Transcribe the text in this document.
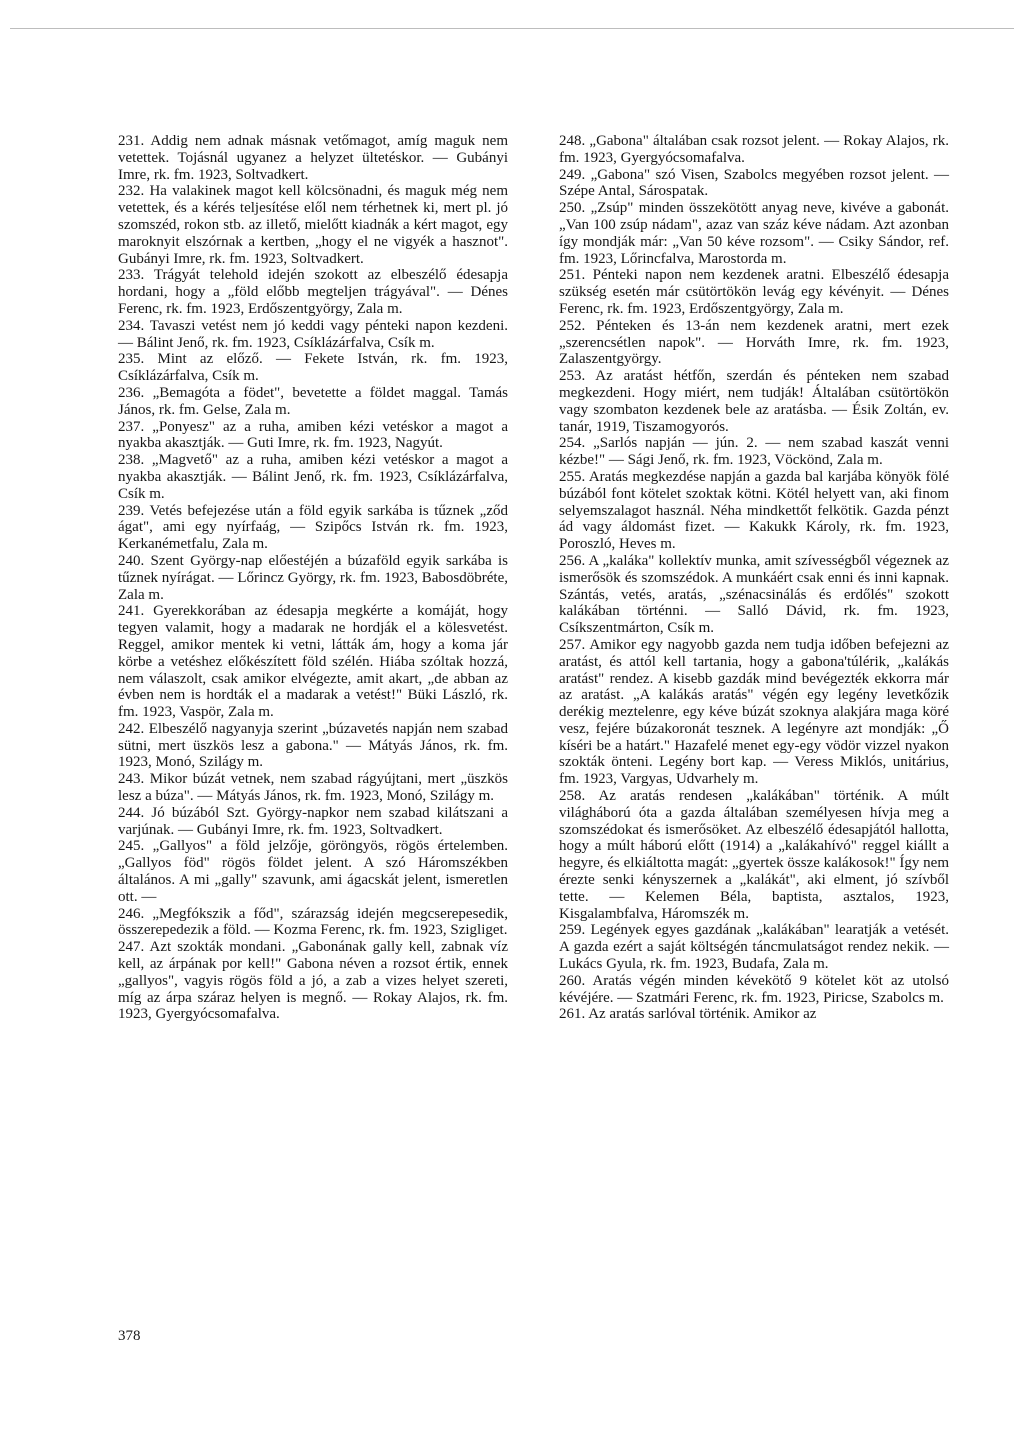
231. Addig nem adnak másnak vetőmagot, amíg maguk nem vetettek. Tojásnál ugyanez a helyzet ültetéskor. — Gubányi Imre, rk. fm. 1923, Soltvadkert.

232. Ha valakinek magot kell kölcsönadni, és maguk még nem vetettek, és a kérés teljesítése elől nem térhetnek ki, mert pl. jó szomszéd, rokon stb. az illető, mielőtt kiadnák a kért magot, egy maroknyit elszórnak a kertben, „hogy el ne vigyék a hasznot". Gubányi Imre, rk. fm. 1923, Soltvadkert.

233. Trágyát telehold idején szokott az elbeszélő édesapja hordani, hogy a „föld előbb megteljen trágyával". — Dénes Ferenc, rk. fm. 1923, Erdőszentgyörgy, Zala m.

234. Tavaszi vetést nem jó keddi vagy pénteki napon kezdeni. — Bálint Jenő, rk. fm. 1923, Csíklázárfalva, Csík m.

235. Mint az előző. — Fekete István, rk. fm. 1923, Csíklázárfalva, Csík m.

236. „Bemagóta a födet", bevetette a földet maggal. Tamás János, rk. fm. Gelse, Zala m.

237. „Ponyesz" az a ruha, amiben kézi vetéskor a magot a nyakba akasztják. — Guti Imre, rk. fm. 1923, Nagyút.

238. „Magvető" az a ruha, amiben kézi vetéskor a magot a nyakba akasztják. — Bálint Jenő, rk. fm. 1923, Csíklázárfalva, Csík m.

239. Vetés befejezése után a föld egyik sarkába is tűznek „ződ ágat", ami egy nyírfaág, — Szipőcs István rk. fm. 1923, Kerkanémetfalu, Zala m.

240. Szent György-nap előestéjén a búzaföld egyik sarkába is tűznek nyírágat. — Lőrincz György, rk. fm. 1923, Babosdöbréte, Zala m.

241. Gyerekkorában az édesapja megkérte a komáját, hogy tegyen valamit, hogy a madarak ne hordják el a kölesvetést. Reggel, amikor mentek ki vetni, látták ám, hogy a koma jár körbe a vetéshez előkészített föld szélén. Hiába szóltak hozzá, nem válaszolt, csak amikor elvégezte, amit akart, „de abban az évben nem is hordták el a madarak a vetést!" Büki László, rk. fm. 1923, Vaspör, Zala m.

242. Elbeszélő nagyanyja szerint „búzavetés napján nem szabad sütni, mert üszkös lesz a gabona." — Mátyás János, rk. fm. 1923, Monó, Szilágy m.

243. Mikor búzát vetnek, nem szabad rágyújtani, mert „üszkös lesz a búza". — Mátyás János, rk. fm. 1923, Monó, Szilágy m.

244. Jó búzából Szt. György-napkor nem szabad kilátszani a varjúnak. — Gubányi Imre, rk. fm. 1923, Soltvadkert.

245. „Gallyos" a föld jelzője, göröngyös, rögös értelemben. „Gallyos föd" rögös földet jelent. A szó Háromszékben általános. A mi „gally" szavunk, ami ágacskát jelent, ismeretlen ott. —

246. „Megfókszik a főd", szárazság idején megcserepesedik, összerepedezik a föld. — Kozma Ferenc, rk. fm. 1923, Szigliget.

247. Azt szokták mondani. „Gabonának gally kell, zabnak víz kell, az árpának por kell!" Gabona néven a rozsot értik, ennek „gallyos", vagyis rögös föld a jó, a zab a vizes helyet szereti, míg az árpa száraz helyen is megnő. — Rokay Alajos, rk. fm. 1923, Gyergyócsomafalva.

248. „Gabona" általában csak rozsot jelent. — Rokay Alajos, rk. fm. 1923, Gyergyócsomafalva.

249. „Gabona" szó Visen, Szabolcs megyében rozsot jelent. — Szépe Antal, Sárospatak.

250. „Zsúp" minden összekötött anyag neve, kivéve a gabonát. „Van 100 zsúp nádam", azaz van száz kéve nádam. Azt azonban így mondják már: „Van 50 kéve rozsom". — Csiky Sándor, ref. fm. 1923, Lőrincfalva, Marostorda m.

251. Pénteki napon nem kezdenek aratni. Elbeszélő édesapja szükség esetén már csütörtökön levág egy kévényit. — Dénes Ferenc, rk. fm. 1923, Erdőszentgyörgy, Zala m.

252. Pénteken és 13-án nem kezdenek aratni, mert ezek „szerencsétlen napok". — Horváth Imre, rk. fm. 1923, Zalaszentgyörgy.

253. Az aratást hétfőn, szerdán és pénteken nem szabad megkezdeni. Hogy miért, nem tudják! Általában csütörtökön vagy szombaton kezdenek bele az aratásba. — Ésik Zoltán, ev. tanár, 1919, Tiszamogyorós.

254. „Sarlós napján — jún. 2. — nem szabad kaszát venni kézbe!" — Sági Jenő, rk. fm. 1923, Vöckönd, Zala m.

255. Aratás megkezdése napján a gazda bal karjába könyök fölé búzából font kötelet szoktak kötni. Kötél helyett van, aki finom selyemszalagot használ. Néha mindkettőt felkötik. Gazda pénzt ád vagy áldomást fizet. — Kakukk Károly, rk. fm. 1923, Poroszló, Heves m.

256. A „kaláka" kollektív munka, amit szívességből végeznek az ismerősök és szomszédok. A munkáért csak enni és inni kapnak. Szántás, vetés, aratás, „szénacsinálás és erdőlés" szokott kalákában történni. — Salló Dávid, rk. fm. 1923, Csíkszentmárton, Csík m.

257. Amikor egy nagyobb gazda nem tudja időben befejezni az aratást, és attól kell tartania, hogy a gabona'túlérik, „kalákás aratást" rendez. A kisebb gazdák mind bevégezték ekkorra már az aratást. „A kalákás aratás" végén egy legény levetkőzik derékig meztelenre, egy kéve búzát szoknya alakjára maga köré vesz, fejére búzakoronát tesznek. A legényre azt mondják: „Ő kíséri be a határt." Hazafelé menet egy-egy vödör vizzel nyakon szokták önteni. Legény bort kap. — Veress Miklós, unitárius, fm. 1923, Vargyas, Udvarhely m.

258. Az aratás rendesen „kalákában" történik. A múlt világháború óta a gazda általában személyesen hívja meg a szomszédokat és ismerősöket. Az elbeszélő édesapjától hallotta, hogy a múlt háború előtt (1914) a „kalákahívó" reggel kiállt a hegyre, és elkiáltotta magát: „gyertek össze kalákosok!" Így nem érezte senki kényszernek a „kalákát", aki elment, jó szívből tette. — Kelemen Béla, baptista, asztalos, 1923, Kisgalambfalva, Háromszék m.

259. Legények egyes gazdának „kalákában" learatják a vetését. A gazda ezért a saját költségén táncmulatságot rendez nekik. — Lukács Gyula, rk. fm. 1923, Budafa, Zala m.

260. Aratás végén minden kévekötő 9 kötelet köt az utolsó kévéjére. — Szatmári Ferenc, rk. fm. 1923, Piricse, Szabolcs m.

261. Az aratás sarlóval történik. Amikor az

378
